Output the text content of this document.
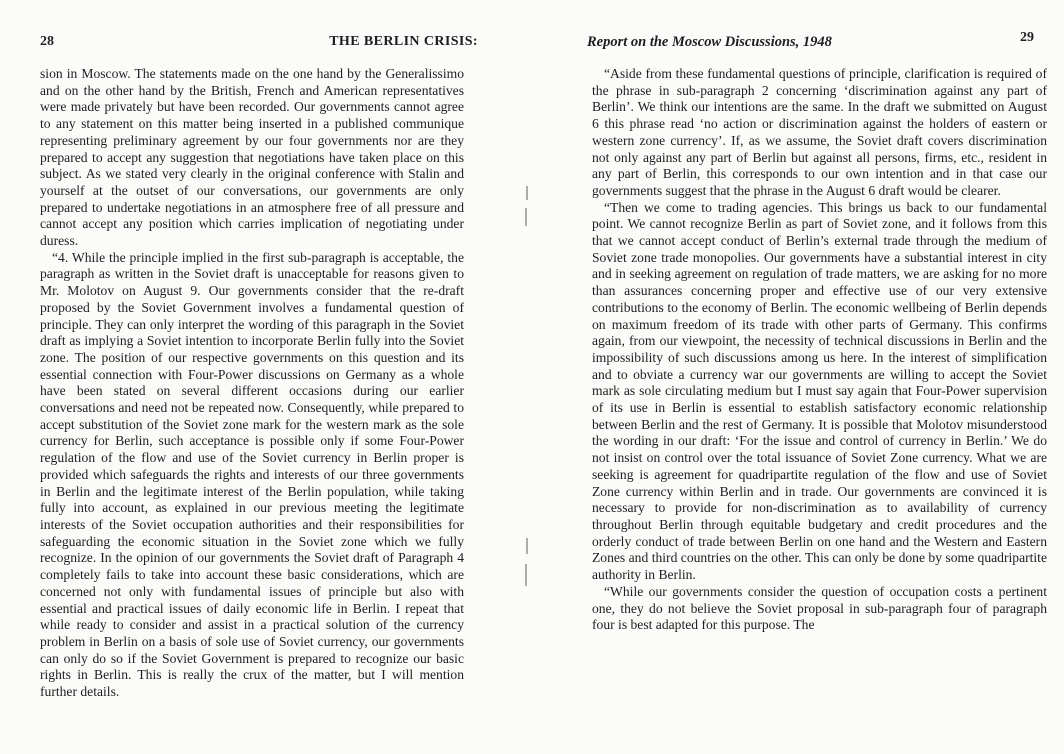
28	THE BERLIN CRISIS:

sion in Moscow. The statements made on the one hand by the Generalissimo and on the other hand by the British, French and American representatives were made privately but have been recorded. Our governments cannot agree to any statement on this matter being inserted in a published communique representing preliminary agreement by our four governments nor are they prepared to accept any suggestion that negotiations have taken place on this subject. As we stated very clearly in the original conference with Stalin and yourself at the outset of our conversations, our governments are only prepared to undertake negotiations in an atmosphere free of all pressure and cannot accept any position which carries implication of negotiating under duress.

“4. While the principle implied in the first sub-paragraph is acceptable, the paragraph as written in the Soviet draft is unacceptable for reasons given to Mr. Molotov on August 9. Our governments consider that the re-draft proposed by the Soviet Government involves a fundamental question of principle. They can only interpret the wording of this paragraph in the Soviet draft as implying a Soviet intention to incorporate Berlin fully into the Soviet zone. The position of our respective governments on this question and its essential connection with Four-Power discussions on Germany as a whole have been stated on several different occasions during our earlier conversations and need not be repeated now. Consequently, while prepared to accept substitution of the Soviet zone mark for the western mark as the sole currency for Berlin, such acceptance is possible only if some Four-Power regulation of the flow and use of the Soviet currency in Berlin proper is provided which safeguards the rights and interests of our three governments in Berlin and the legitimate interest of the Berlin population, while taking fully into account, as explained in our previous meeting the legitimate interests of the Soviet occupation authorities and their responsibilities for safeguarding the economic situation in the Soviet zone which we fully recognize. In the opinion of our governments the Soviet draft of Paragraph 4 completely fails to take into account these basic considerations, which are concerned not only with fundamental issues of principle but also with essential and practical issues of daily economic life in Berlin. I repeat that while ready to consider and assist in a practical solution of the currency problem in Berlin on a basis of sole use of Soviet currency, our governments can only do so if the Soviet Government is prepared to recognize our basic rights in Berlin. This is really the crux of the matter, but I will mention further details.

Report on the Moscow Discussions, 1948	29

“Aside from these fundamental questions of principle, clarification is required of the phrase in sub-paragraph 2 concerning ‘discrimination against any part of Berlin’. We think our intentions are the same. In the draft we submitted on August 6 this phrase read ‘no action or discrimination against the holders of eastern or western zone currency’. If, as we assume, the Soviet draft covers discrimination not only against any part of Berlin but against all persons, firms, etc., resident in any part of Berlin, this corresponds to our own intention and in that case our governments suggest that the phrase in the August 6 draft would be clearer.

“Then we come to trading agencies. This brings us back to our fundamental point. We cannot recognize Berlin as part of Soviet zone, and it follows from this that we cannot accept conduct of Berlin’s external trade through the medium of Soviet zone trade monopolies. Our governments have a substantial interest in city and in seeking agreement on regulation of trade matters, we are asking for no more than assurances concerning proper and effective use of our very extensive contributions to the economy of Berlin. The economic wellbeing of Berlin depends on maximum freedom of its trade with other parts of Germany. This confirms again, from our viewpoint, the necessity of technical discussions in Berlin and the impossibility of such discussions among us here. In the interest of simplification and to obviate a currency war our governments are willing to accept the Soviet mark as sole circulating medium but I must say again that Four-Power supervision of its use in Berlin is essential to establish satisfactory economic relationship between Berlin and the rest of Germany. It is possible that Molotov misunderstood the wording in our draft: ‘For the issue and control of currency in Berlin.’ We do not insist on control over the total issuance of Soviet Zone currency. What we are seeking is agreement for quadripartite regulation of the flow and use of Soviet Zone currency within Berlin and in trade. Our governments are convinced it is necessary to provide for non-discrimination as to availability of currency throughout Berlin through equitable budgetary and credit procedures and the orderly conduct of trade between Berlin on one hand and the Western and Eastern Zones and third countries on the other. This can only be done by some quadripartite authority in Berlin.

“While our governments consider the question of occupation costs a pertinent one, they do not believe the Soviet proposal in sub-paragraph four of paragraph four is best adapted for this purpose. The
